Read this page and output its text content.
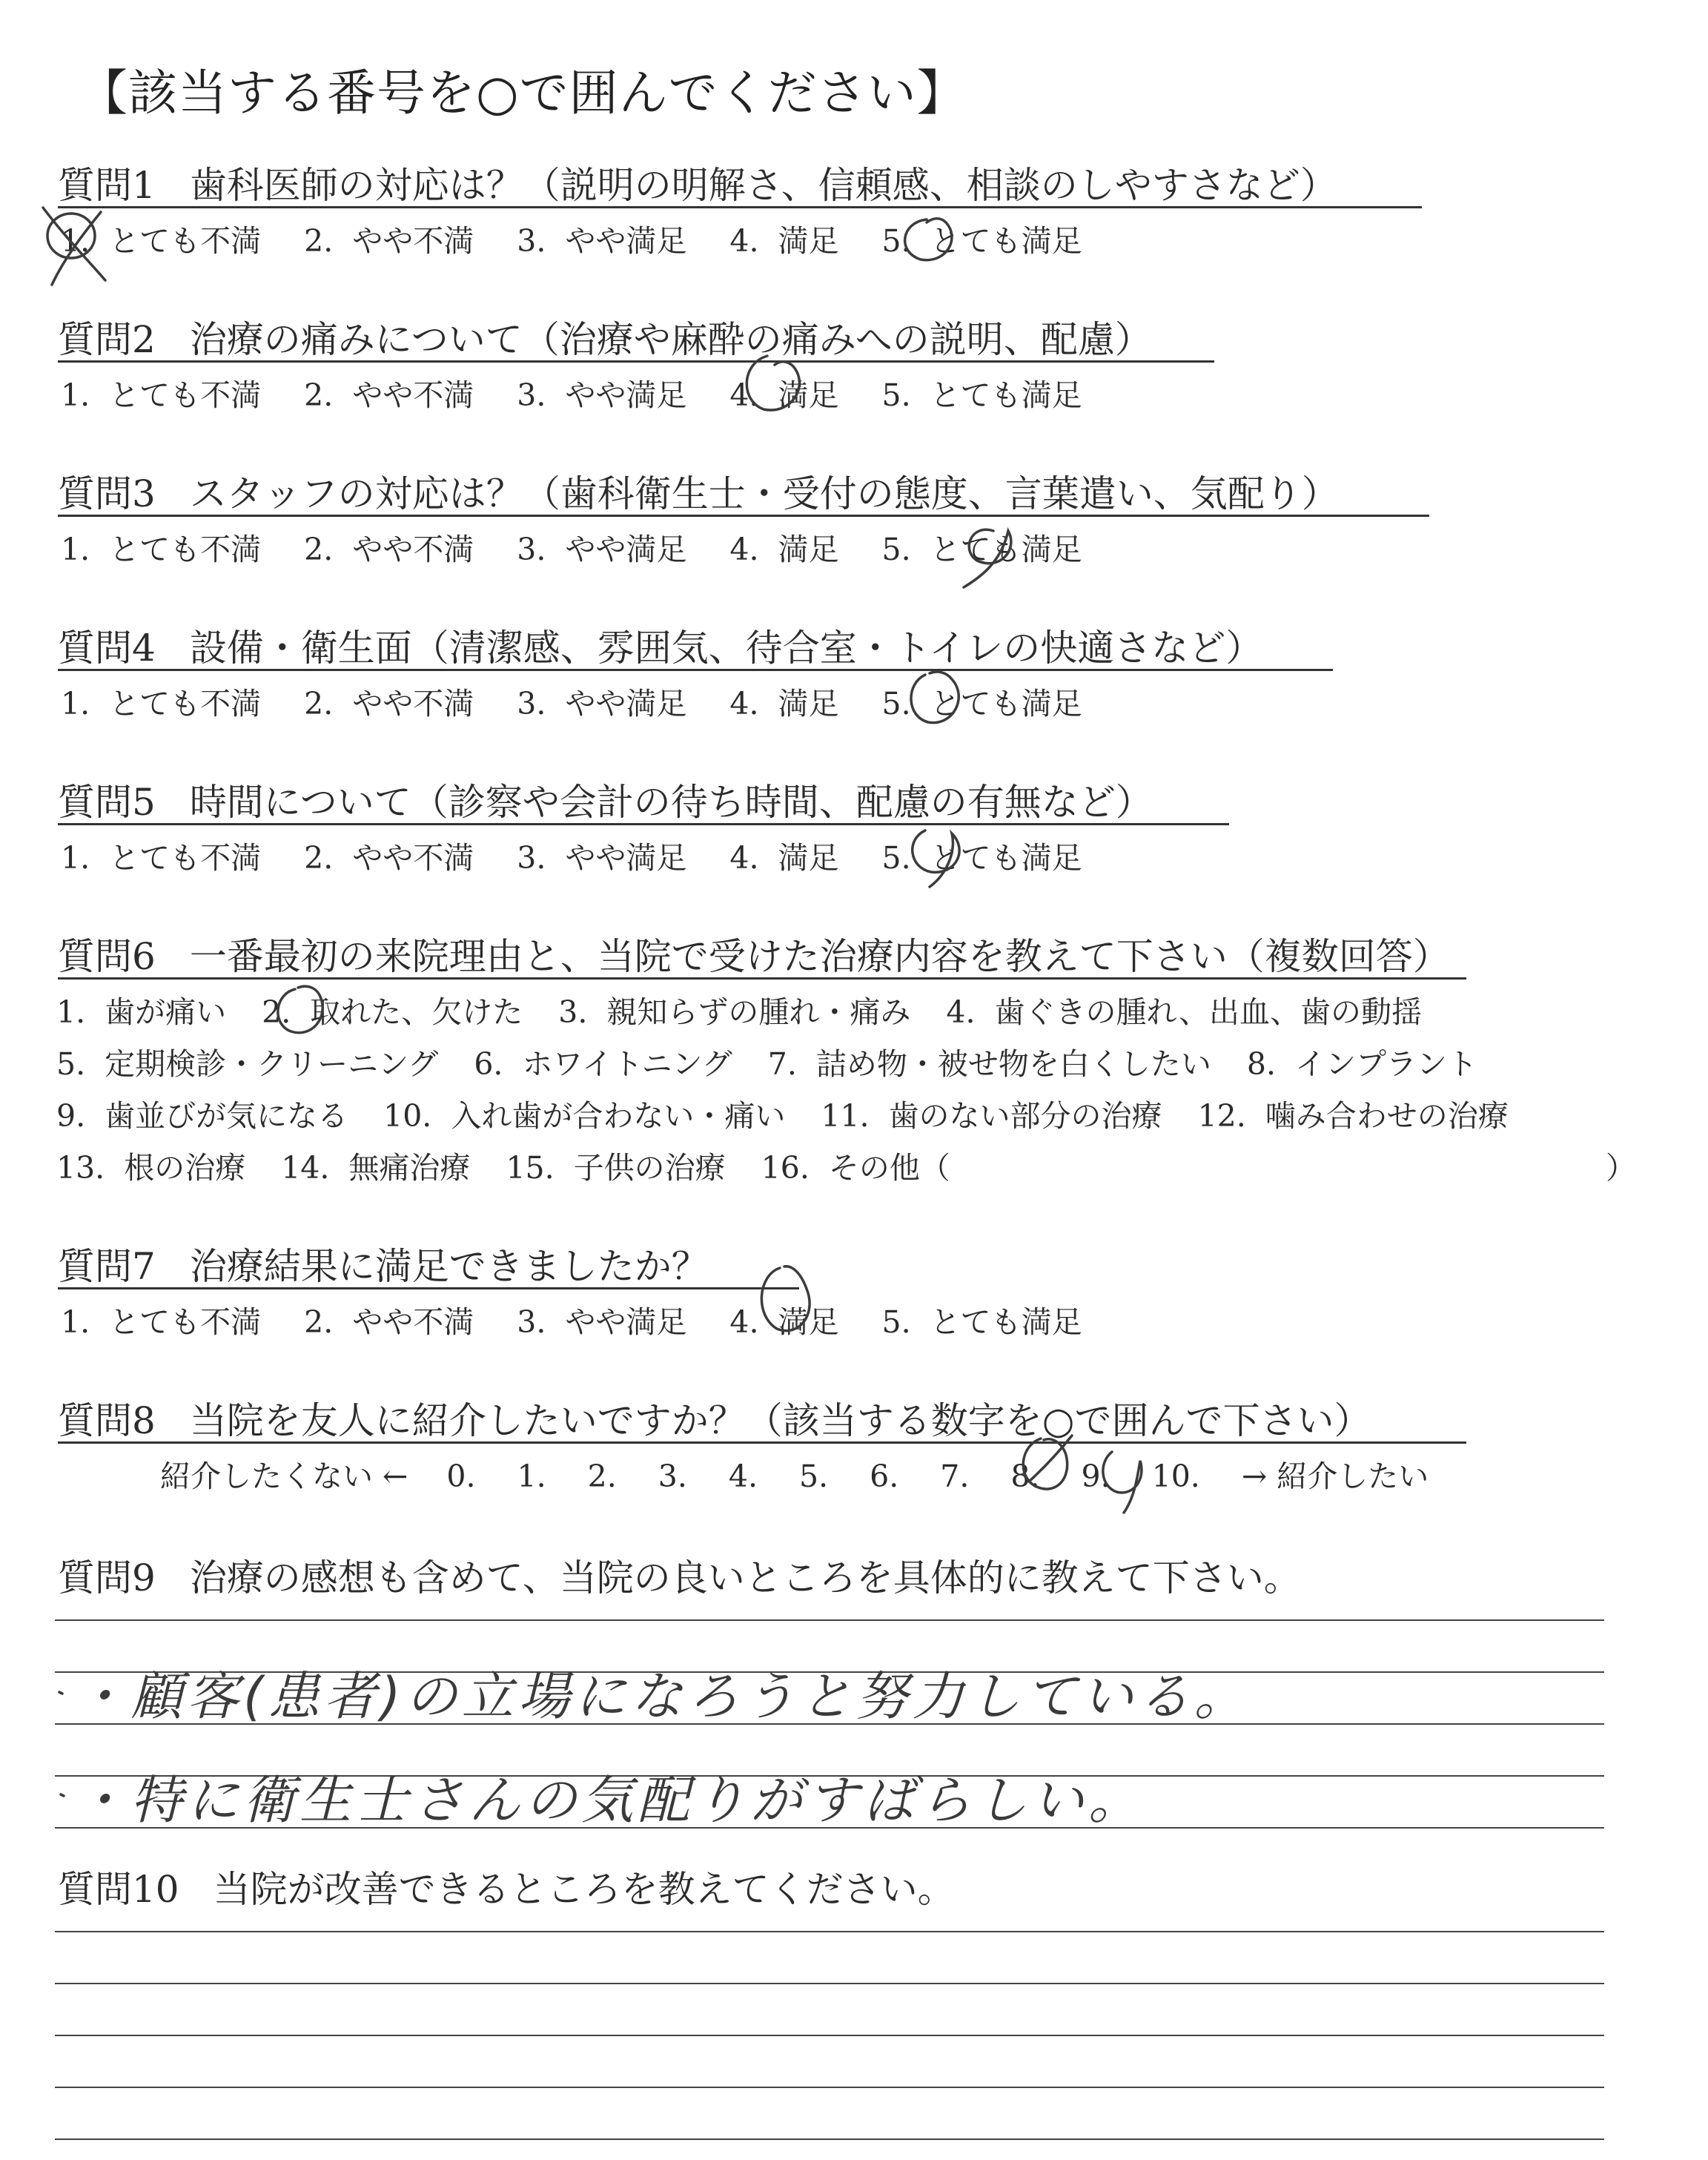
【該当する番号を○で囲んでください】
質問1 歯科医師の対応は？（説明の明解さ、信頼感、相談のしやすさなど）
1. とても不満 2. やや不満 3. やや満足 4. 満足 5. とても満足
質問2 治療の痛みについて（治療や麻酔の痛みへの説明、配慮）
1. とても不満 2. やや不満 3. やや満足 4. 満足 5. とても満足
質問3 スタッフの対応は？（歯科衛生士・受付の態度、言葉遣い、気配り）
1. とても不満 2. やや不満 3. やや満足 4. 満足 5. とても満足
質問4 設備・衛生面（清潔感、雰囲気、待合室・トイレの快適さなど）
1. とても不満 2. やや不満 3. やや満足 4. 満足 5. とても満足
質問5 時間について（診察や会計の待ち時間、配慮の有無など）
1. とても不満 2. やや不満 3. やや満足 4. 満足 5. とても満足
質問6 一番最初の来院理由と、当院で受けた治療内容を教えて下さい（複数回答）
1. 歯が痛い 2. 取れた、欠けた 3. 親知らずの腫れ・痛み 4. 歯ぐきの腫れ、出血、歯の動揺
5. 定期検診・クリーニング 6. ホワイトニング 7. 詰め物・被せ物を白くしたい 8. インプラント
9. 歯並びが気になる 10. 入れ歯が合わない・痛い 11. 歯のない部分の治療 12. 噛み合わせの治療
13. 根の治療 14. 無痛治療 15. 子供の治療 16. その他（	）
質問7 治療結果に満足できましたか？
1. とても不満 2. やや不満 3. やや満足 4. 満足 5. とても満足
質問8 当院を友人に紹介したいですか？（該当する数字を○で囲んで下さい）
紹介したくない ← 0. 1. 2. 3. 4. 5. 6. 7. 8. 9. 10. → 紹介したい
質問9 治療の感想も含めて、当院の良いところを具体的に教えて下さい。
・顧客(患者)の立場になろうと努力している。
・特に衛生士さんの気配りがすばらしい。
質問10 当院が改善できるところを教えてください。
